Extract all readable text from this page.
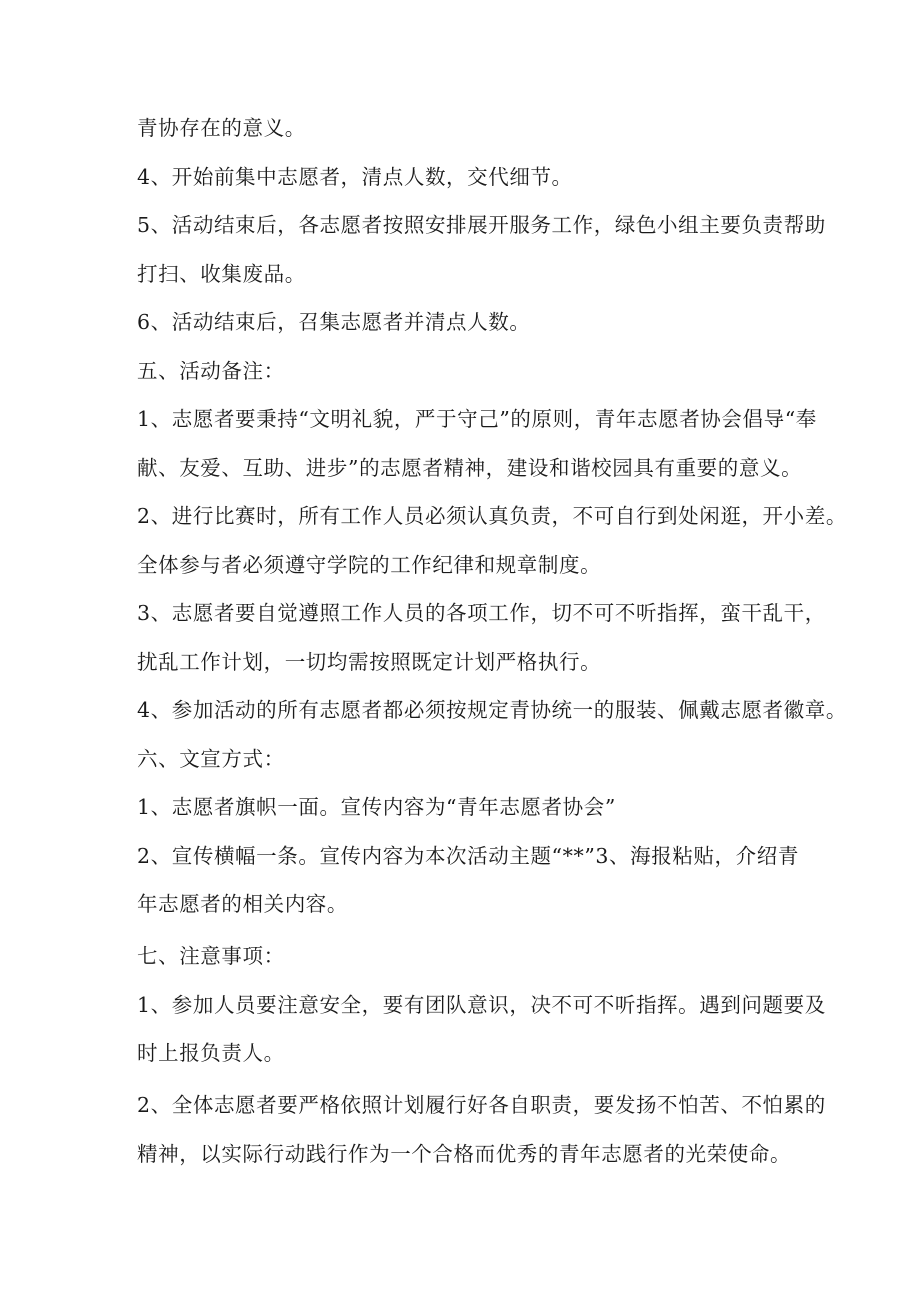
青协存在的意义。
4、开始前集中志愿者，清点人数，交代细节。
5、活动结束后，各志愿者按照安排展开服务工作，绿色小组主要负责帮助
打扫、收集废品。
6、活动结束后，召集志愿者并清点人数。
五、活动备注：
1、志愿者要秉持“文明礼貌，严于守己”的原则，青年志愿者协会倡导“奉
献、友爱、互助、进步”的志愿者精神，建设和谐校园具有重要的意义。
2、进行比赛时，所有工作人员必须认真负责，不可自行到处闲逛，开小差。
全体参与者必须遵守学院的工作纪律和规章制度。
3、志愿者要自觉遵照工作人员的各项工作，切不可不听指挥，蛮干乱干，
扰乱工作计划，一切均需按照既定计划严格执行。
4、参加活动的所有志愿者都必须按规定青协统一的服装、佩戴志愿者徽章。
六、文宣方式：
1、志愿者旗帜一面。宣传内容为“青年志愿者协会”
2、宣传横幅一条。宣传内容为本次活动主题“**”3、海报粘贴，介绍青
年志愿者的相关内容。
七、注意事项：
1、参加人员要注意安全，要有团队意识，决不可不听指挥。遇到问题要及
时上报负责人。
2、全体志愿者要严格依照计划履行好各自职责，要发扬不怕苦、不怕累的
精神，以实际行动践行作为一个合格而优秀的青年志愿者的光荣使命。
